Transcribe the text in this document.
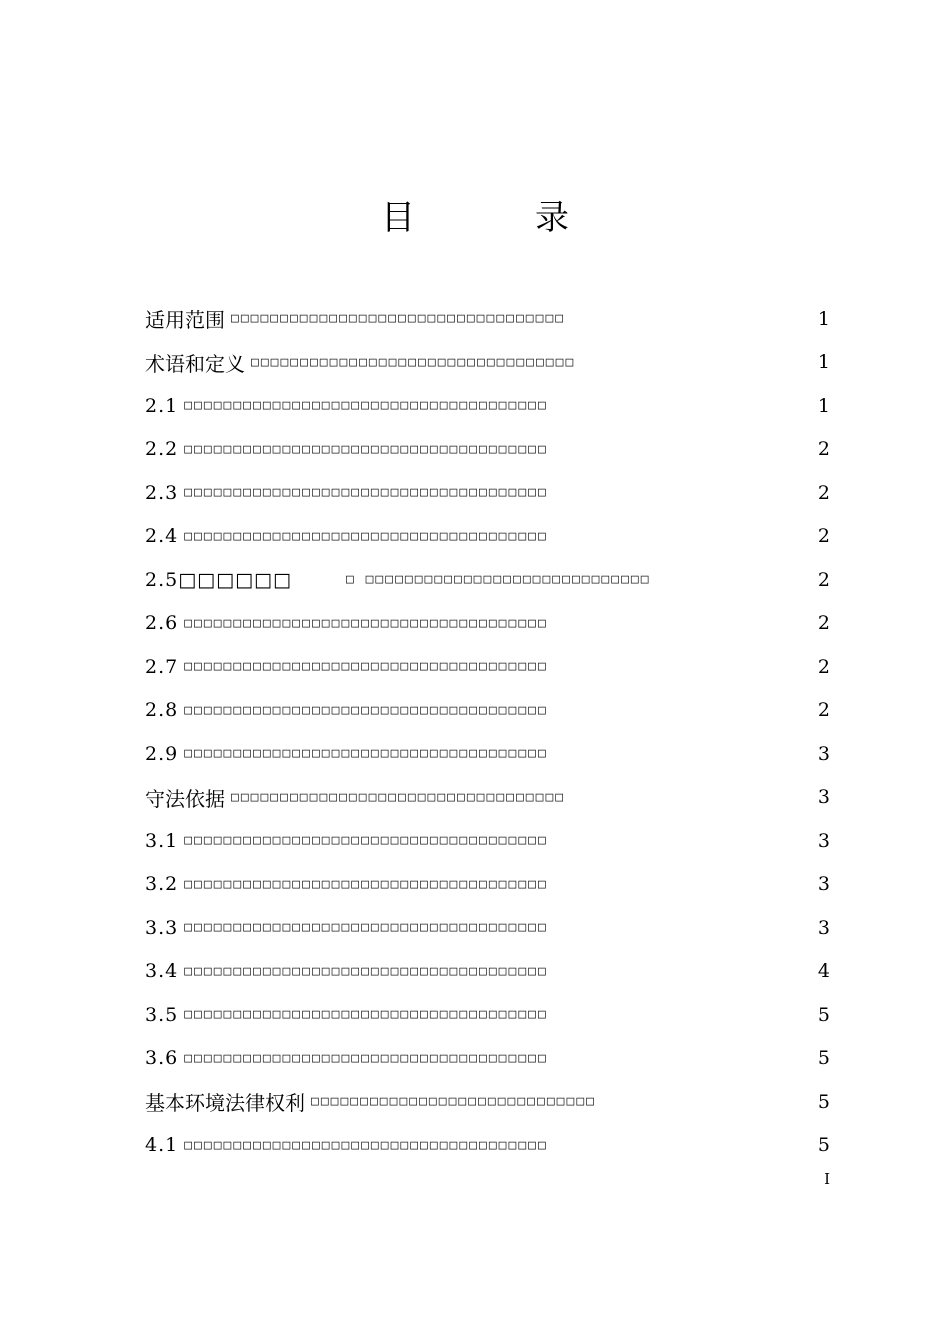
目	录
适用范围 □□□□□□□□□□□□□□□□□□□□□□□□□□□□□□□□□□	1
术语和定义 □□□□□□□□□□□□□□□□□□□□□□□□□□□□□□□□□	1
2.1 □□□□□□□□□□□□□□□□□□□□□□□□□□□□□□□□□□□□□	1
2.2 □□□□□□□□□□□□□□□□□□□□□□□□□□□□□□□□□□□□□	2
2.3 □□□□□□□□□□□□□□□□□□□□□□□□□□□□□□□□□□□□□	2
2.4 □□□□□□□□□□□□□□□□□□□□□□□□□□□□□□□□□□□□□	2
2.5□□□□□□	□ □□□□□□□□□□□□□□□□□□□□□□□□□□□□□	2
2.6 □□□□□□□□□□□□□□□□□□□□□□□□□□□□□□□□□□□□□	2
2.7 □□□□□□□□□□□□□□□□□□□□□□□□□□□□□□□□□□□□□	2
2.8 □□□□□□□□□□□□□□□□□□□□□□□□□□□□□□□□□□□□□	2
2.9 □□□□□□□□□□□□□□□□□□□□□□□□□□□□□□□□□□□□□	3
守法依据 □□□□□□□□□□□□□□□□□□□□□□□□□□□□□□□□□□	3
3.1 □□□□□□□□□□□□□□□□□□□□□□□□□□□□□□□□□□□□□	3
3.2 □□□□□□□□□□□□□□□□□□□□□□□□□□□□□□□□□□□□□	3
3.3 □□□□□□□□□□□□□□□□□□□□□□□□□□□□□□□□□□□□□	3
3.4 □□□□□□□□□□□□□□□□□□□□□□□□□□□□□□□□□□□□□	4
3.5 □□□□□□□□□□□□□□□□□□□□□□□□□□□□□□□□□□□□□	5
3.6 □□□□□□□□□□□□□□□□□□□□□□□□□□□□□□□□□□□□□	5
基本环境法律权利 □□□□□□□□□□□□□□□□□□□□□□□□□□□□□	5
4.1 □□□□□□□□□□□□□□□□□□□□□□□□□□□□□□□□□□□□□	5
I
